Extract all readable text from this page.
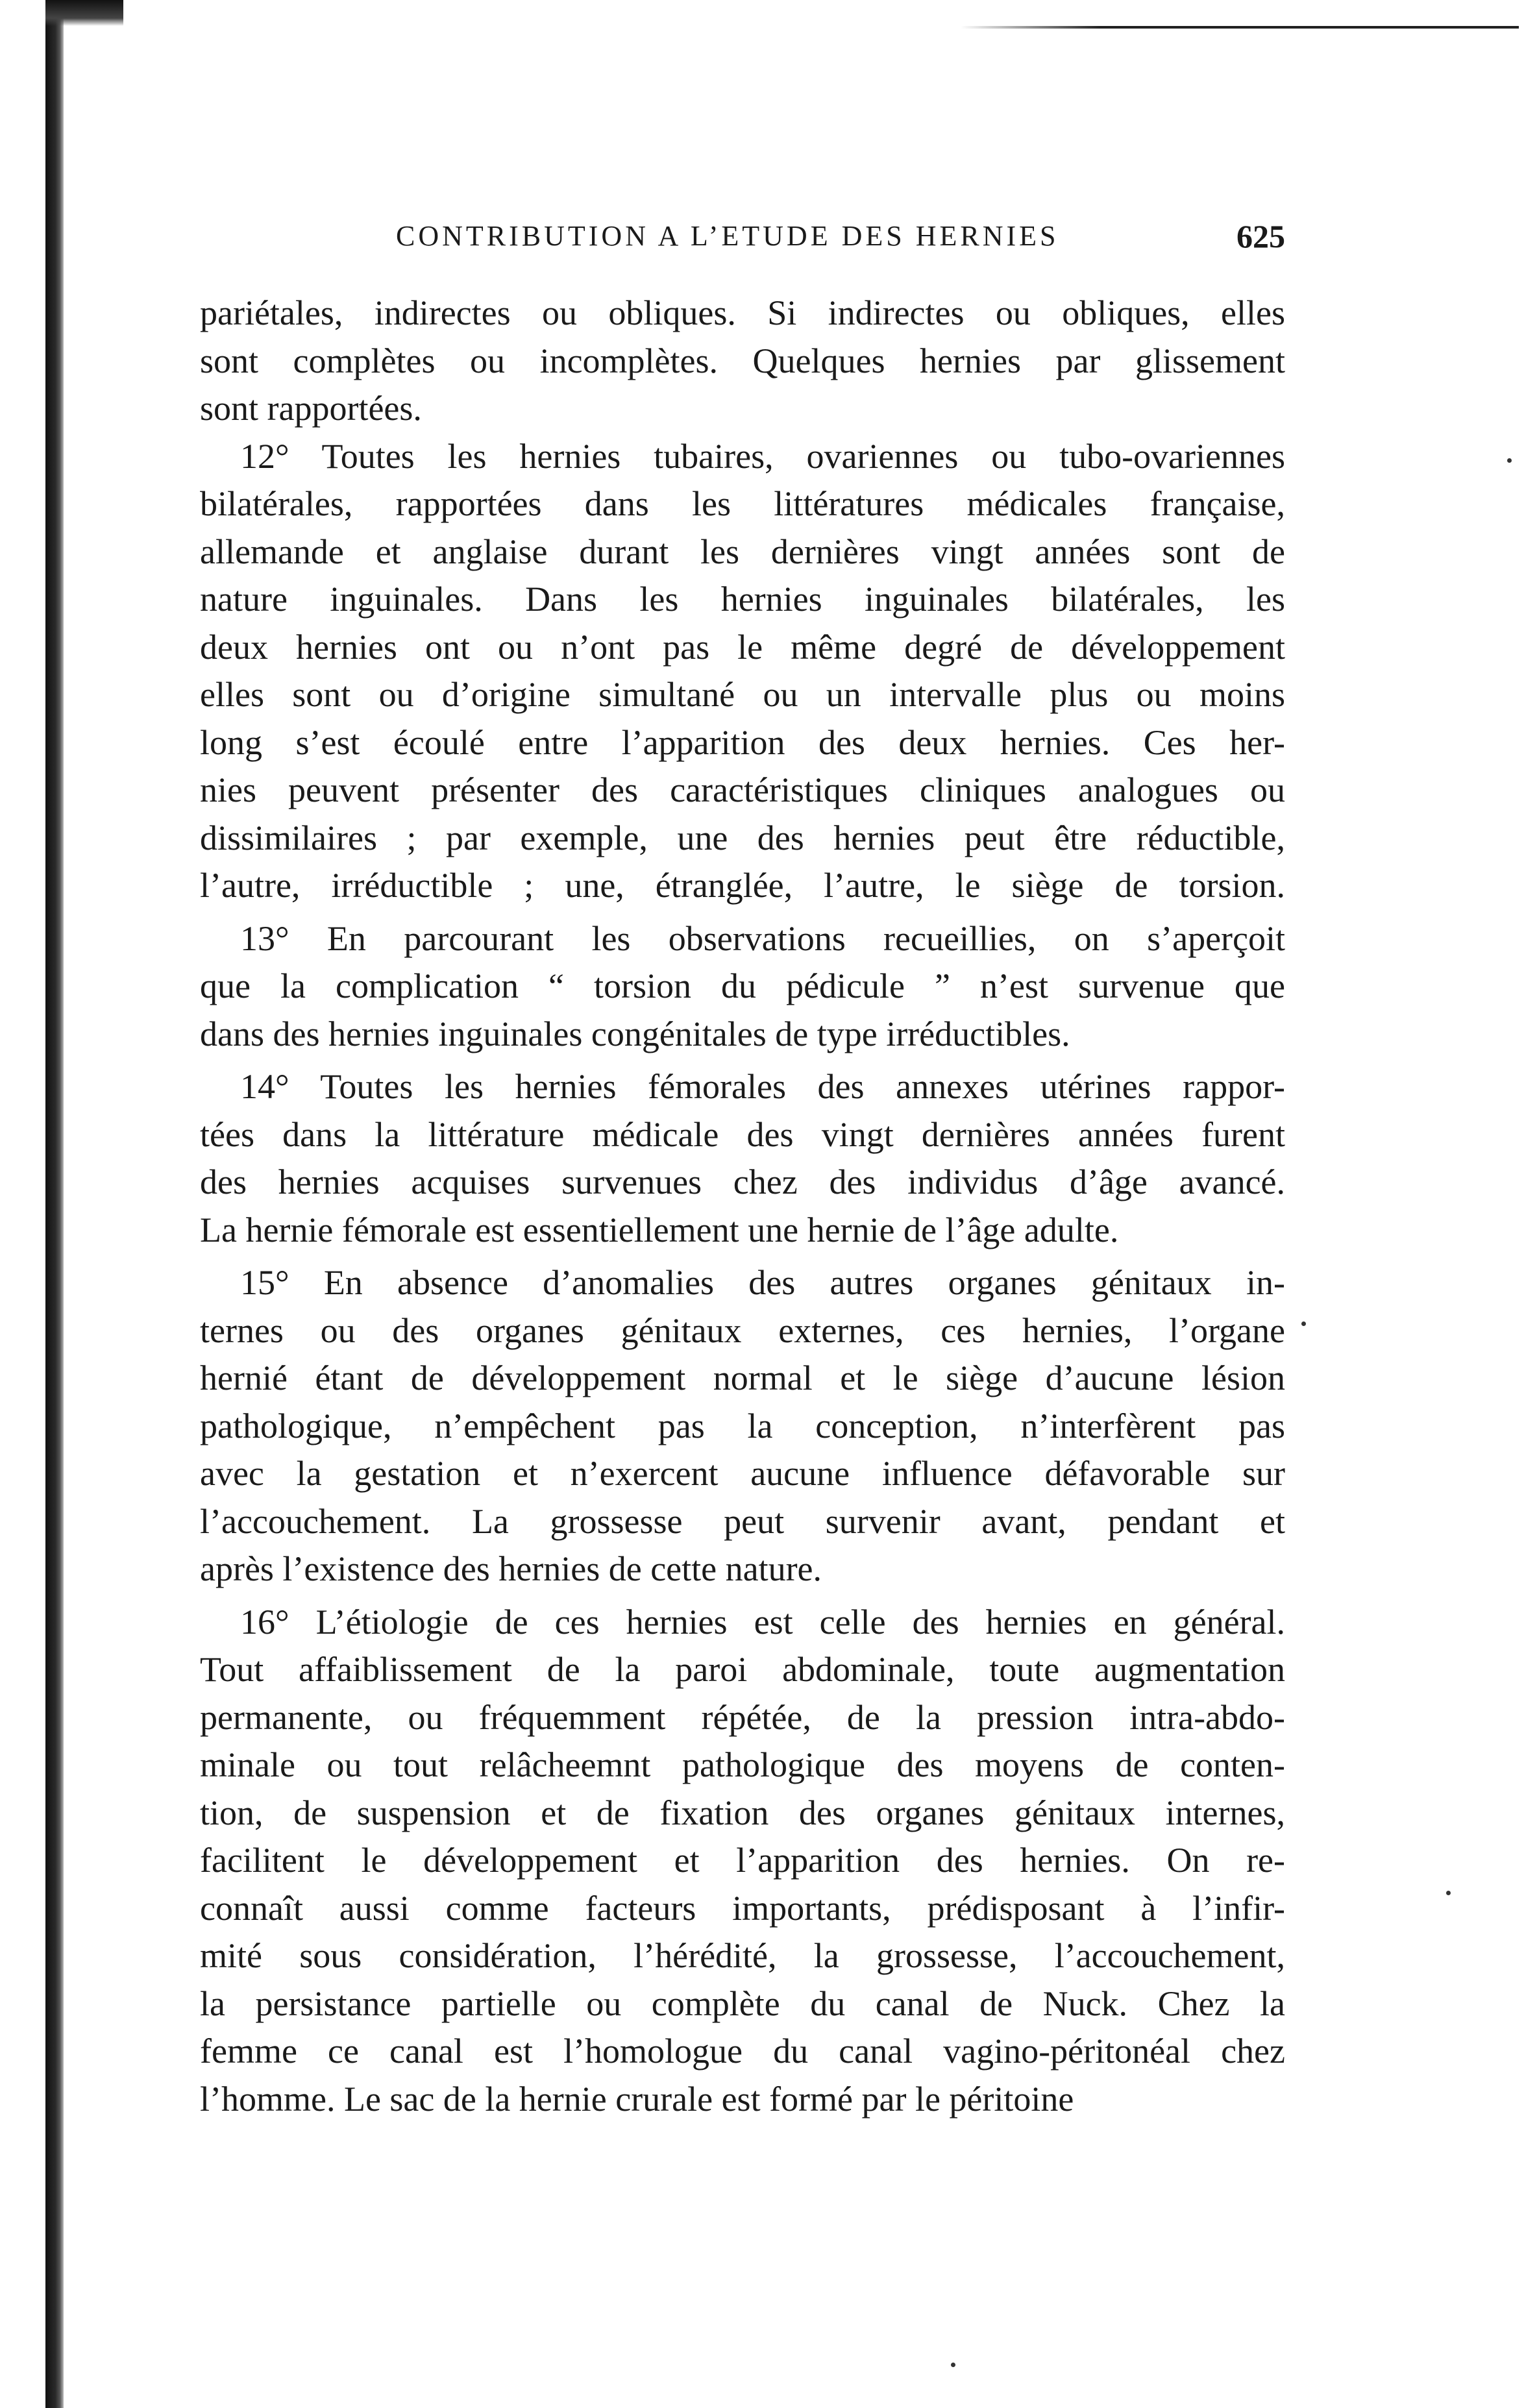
CONTRIBUTION A L’ETUDE DES HERNIES	625
pariétales, indirectes ou obliques. Si indirectes ou obliques, elles
sont complètes ou incomplètes. Quelques hernies par glissement
sont rapportées.
12° Toutes les hernies tubaires, ovariennes ou tubo-ovariennes
bilatérales, rapportées dans les littératures médicales française,
allemande et anglaise durant les dernières vingt années sont de
nature inguinales. Dans les hernies inguinales bilatérales, les
deux hernies ont ou n’ont pas le même degré de développement
elles sont ou d’origine simultané ou un intervalle plus ou moins
long s’est écoulé entre l’apparition des deux hernies. Ces her-
nies peuvent présenter des caractéristiques cliniques analogues ou
dissimilaires ; par exemple, une des hernies peut être réductible,
l’autre, irréductible ; une, étranglée, l’autre, le siège de torsion.
13° En parcourant les observations recueillies, on s’aperçoit
que la complication “ torsion du pédicule ” n’est survenue que
dans des hernies inguinales congénitales de type irréductibles.
14° Toutes les hernies fémorales des annexes utérines rappor-
tées dans la littérature médicale des vingt dernières années furent
des hernies acquises survenues chez des individus d’âge avancé.
La hernie fémorale est essentiellement une hernie de l’âge adulte.
15° En absence d’anomalies des autres organes génitaux in-
ternes ou des organes génitaux externes, ces hernies, l’organe
hernié étant de développement normal et le siège d’aucune lésion
pathologique, n’empêchent pas la conception, n’interfèrent pas
avec la gestation et n’exercent aucune influence défavorable sur
l’accouchement. La grossesse peut survenir avant, pendant et
après l’existence des hernies de cette nature.
16° L’étiologie de ces hernies est celle des hernies en général.
Tout affaiblissement de la paroi abdominale, toute augmentation
permanente, ou fréquemment répétée, de la pression intra-abdo-
minale ou tout relâcheemnt pathologique des moyens de conten-
tion, de suspension et de fixation des organes génitaux internes,
facilitent le développement et l’apparition des hernies. On re-
connaît aussi comme facteurs importants, prédisposant à l’infir-
mité sous considération, l’hérédité, la grossesse, l’accouchement,
la persistance partielle ou complète du canal de Nuck. Chez la
femme ce canal est l’homologue du canal vagino-péritonéal chez
l’homme. Le sac de la hernie crurale est formé par le péritoine
